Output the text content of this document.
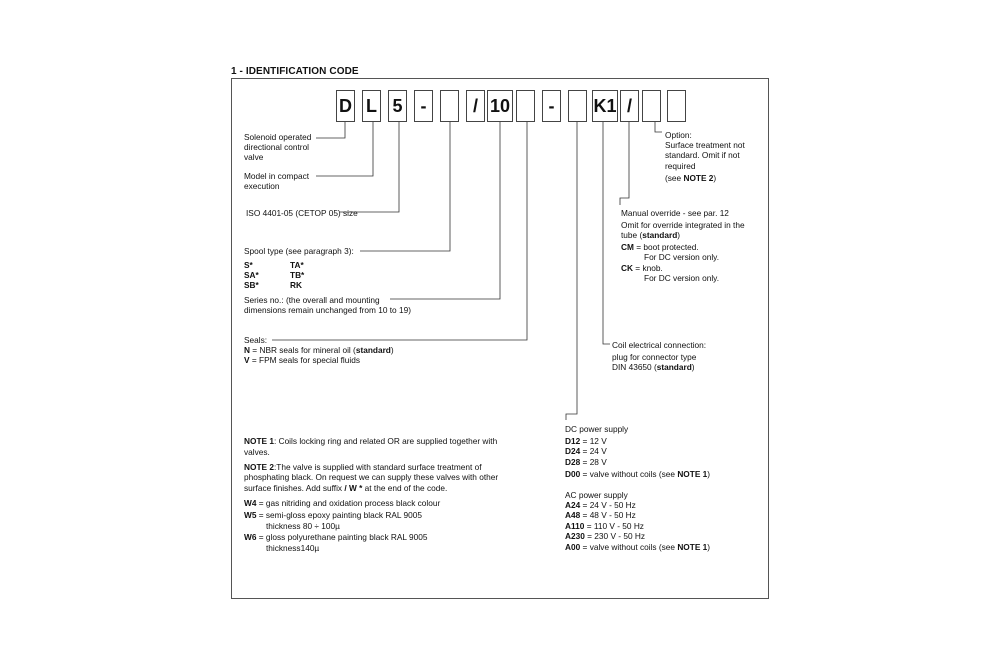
1 - IDENTIFICATION CODE
D L 5	-	/ 10	-	K1 /
Solenoid operated
directional control
valve
Model in compact
execution
ISO 4401-05 (CETOP 05) size
Spool type (see paragraph 3):
S*
SA*
SB*
TA*
TB*
RK
Series no.: (the overall and mounting
dimensions remain unchanged from 10 to 19)
Seals:
N = NBR seals for mineral oil (standard)
V = FPM seals for special fluids
Option:
Surface treatment not
standard. Omit if not
required
(see NOTE 2)
Manual override - see par. 12
Omit for override integrated in the
tube (standard)
CM = boot protected.
For DC version only.
CK = knob.
For DC version only.
Coil electrical connection:
plug for connector type
DIN 43650 (standard)
DC power supply
D12 = 12 V
D24 = 24 V
D28 = 28 V
D00 = valve without coils (see NOTE 1)
AC power supply
A24 = 24 V - 50 Hz
A48 = 48 V - 50 Hz
A110 = 110 V - 50 Hz
A230 = 230 V - 50 Hz
A00 = valve without coils (see NOTE 1)
NOTE 1: Coils locking ring and related OR are supplied together with
valves.
NOTE 2:The valve is supplied with standard surface treatment of
phosphating black. On request we can supply these valves with other
surface finishes. Add suffix / W * at the end of the code.
W4 = gas nitriding and oxidation process black colour
W5 = semi-gloss epoxy painting black RAL 9005
thickness 80 ÷ 100µ
W6 = gloss polyurethane painting black RAL 9005
thickness140µ
